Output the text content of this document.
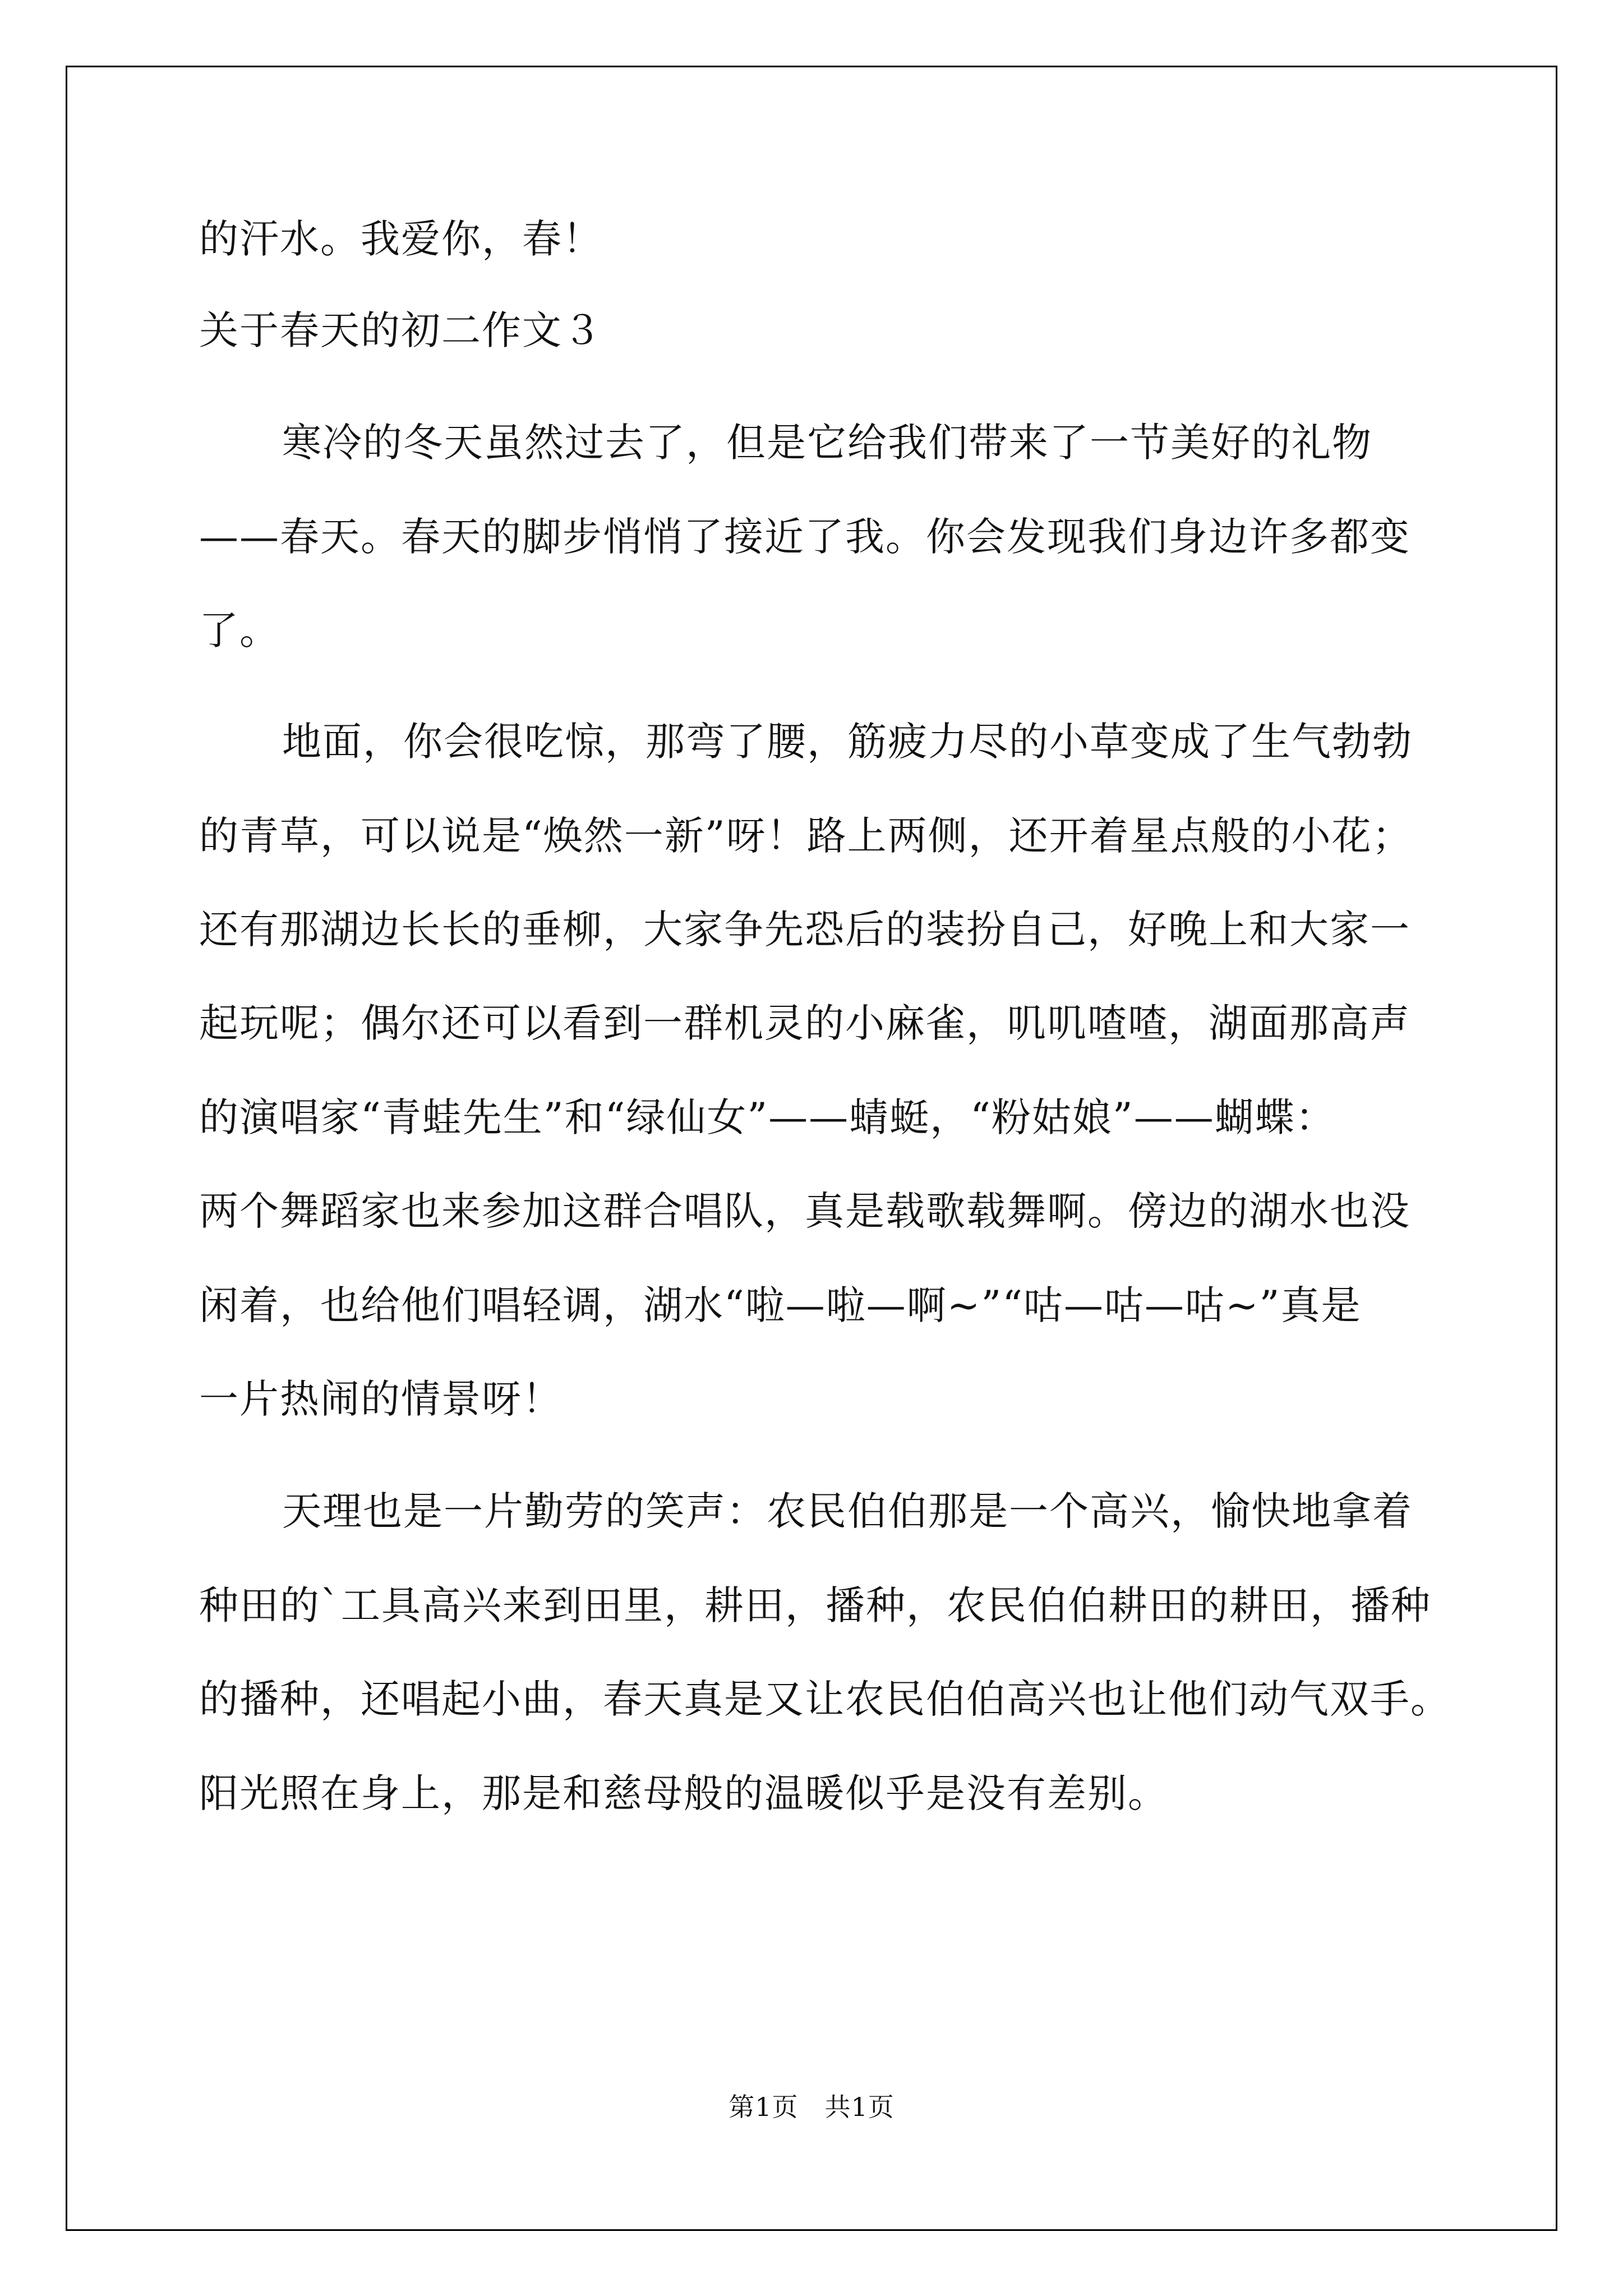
的汗水。我爱你，春！
关于春天的初二作文３
寒冷的冬天虽然过去了，但是它给我们带来了一节美好的礼物
——春天。春天的脚步悄悄了接近了我。你会发现我们身边许多都变
了。
地面，你会很吃惊，那弯了腰，筋疲力尽的小草变成了生气勃勃
的青草，可以说是“焕然一新”呀！路上两侧，还开着星点般的小花；
还有那湖边长长的垂柳，大家争先恐后的装扮自己，好晚上和大家一
起玩呢；偶尔还可以看到一群机灵的小麻雀，叽叽喳喳，湖面那高声
的演唱家“青蛙先生”和“绿仙女”——蜻蜓，“粉姑娘”——蝴蝶：
两个舞蹈家也来参加这群合唱队，真是载歌载舞啊。傍边的湖水也没
闲着，也给他们唱轻调，湖水“啦—啦—啊~”“咕—咕—咕~”真是
一片热闹的情景呀！
天理也是一片勤劳的笑声：农民伯伯那是一个高兴，愉快地拿着
种田的`工具高兴来到田里，耕田，播种，农民伯伯耕田的耕田，播种
的播种，还唱起小曲，春天真是又让农民伯伯高兴也让他们动气双手。
阳光照在身上，那是和慈母般的温暖似乎是没有差别。
第1页　共1页
